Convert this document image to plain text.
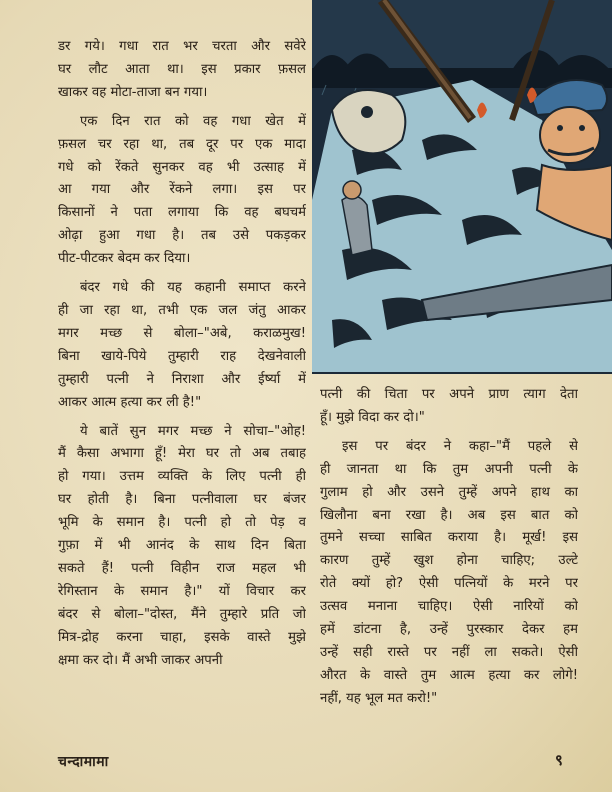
डर गये। गधा रात भर चरता और सवेरे
घर लौट आता था। इस प्रकार फ़सल
खाकर वह मोटा-ताजा बन गया।

एक दिन रात को वह गधा खेत में
फ़सल चर रहा था, तब दूर पर एक मादा
गधे को रेंकते सुनकर वह भी उत्साह में
आ गया और रेंकने लगा। इस पर
किसानों ने पता लगाया कि वह बघचर्म
ओढ़ा हुआ गधा है। तब उसे पकड़कर
पीट-पीटकर बेदम कर दिया।

बंदर गधे की यह कहानी समाप्त करने
ही जा रहा था, तभी एक जल जंतु आकर
मगर मच्छ से बोला–"अबे, कराळमुख!
बिना खाये-पिये तुम्हारी राह देखनेवाली
तुम्हारी पत्नी ने निराशा और ईर्ष्या में
आकर आत्म हत्या कर ली है!"

ये बातें सुन मगर मच्छ ने सोचा–"ओह!
मैं कैसा अभागा हूँ! मेरा घर तो अब तबाह
हो गया। उत्तम व्यक्ति के लिए पत्नी ही
घर होती है। बिना पत्नीवाला घर बंजर
भूमि के समान है। पत्नी हो तो पेड़ व
गुफ़ा में भी आनंद के साथ दिन बिता
सकते हैं! पत्नी विहीन राज महल भी
रेगिस्तान के समान है।" यों विचार कर
बंदर से बोला–"दोस्त, मैंने तुम्हारे प्रति जो
मित्र-द्रोह करना चाहा, इसके वास्ते मुझे
क्षमा कर दो। मैं अभी जाकर अपनी

पत्नी की चिता पर अपने प्राण त्याग देता
हूँ। मुझे विदा कर दो।"

इस पर बंदर ने कहा–"मैं पहले से
ही जानता था कि तुम अपनी पत्नी के
गुलाम हो और उसने तुम्हें अपने हाथ का
खिलौना बना रखा है। अब इस बात को
तुमने सच्चा साबित कराया है। मूर्ख! इस
कारण तुम्हें खुश होना चाहिए; उल्टे
रोते क्यों हो? ऐसी पत्नियों के मरने पर
उत्सव मनाना चाहिए। ऐसी नारियों को
हमें डांटना है, उन्हें पुरस्कार देकर हम
उन्हें सही रास्ते पर नहीं ला सकते। ऐसी
औरत के वास्ते तुम आत्म हत्या कर लोगे!
नहीं, यह भूल मत करो!"

चन्दामामा	९
